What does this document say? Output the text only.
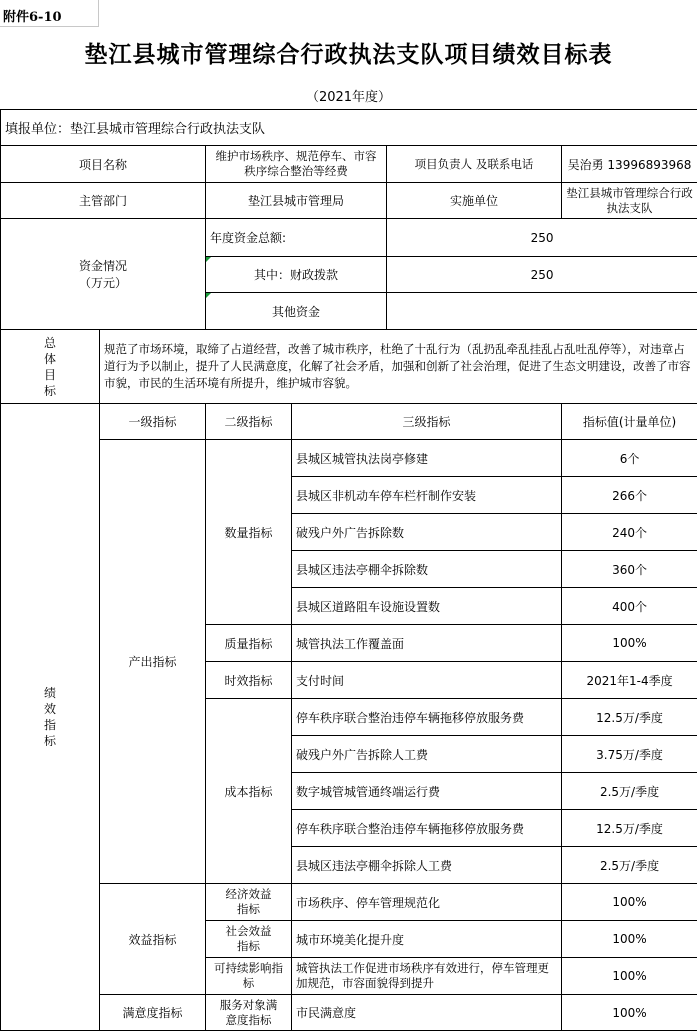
附件6-10
垫江县城市管理综合行政执法支队项目绩效目标表
（2021年度）
填报单位：垫江县城市管理综合行政执法支队					
项目名称		维护市场秩序、规范停车、市容秩序综合整治等经费		项目负责人 及联系电话	吴治勇 13996893968
主管部门		垫江县城市管理局		实施单位	垫江县城市管理综合行政执法支队

资金情况
（万元）		年度资金总额:		250	
		其中：财政拨款		250	
		其他资金			
总体目标	规范了市场环境，取缔了占道经营，改善了城市秩序，杜绝了十乱行为（乱扔乱牵乱挂乱占乱吐乱停等），对违章占道行为予以制止，提升了人民满意度，化解了社会矛盾，加强和创新了社会治理，促进了生态文明建设，改善了市容市貌，市民的生活环境有所提升，维护城市容貌。				
绩效指标	一级指标	二级指标	三级指标		指标值(计量单位)
	产出指标	数量指标	县城区城管执法岗亭修建		6个
			县城区非机动车停车栏杆制作安装		266个
			破残户外广告拆除数		240个
			县城区违法亭棚伞拆除数		360个
			县城区道路阻车设施设置数		400个
		质量指标	城管执法工作覆盖面		100%
		时效指标	支付时间		2021年1-4季度
		成本指标	停车秩序联合整治违停车辆拖移停放服务费		12.5万/季度
			破残户外广告拆除人工费		3.75万/季度
			数字城管城管通终端运行费		2.5万/季度
			停车秩序联合整治违停车辆拖移停放服务费		12.5万/季度
			县城区违法亭棚伞拆除人工费		2.5万/季度
	效益指标	经济效益指标	市场秩序、停车管理规范化		100%
		社会效益指标	城市环境美化提升度		100%
		可持续影响指标	城管执法工作促进市场秩序有效进行，停车管理更加规范，市容面貌得到提升		100%
	满意度指标	服务对象满意度指标	市民满意度		100%
